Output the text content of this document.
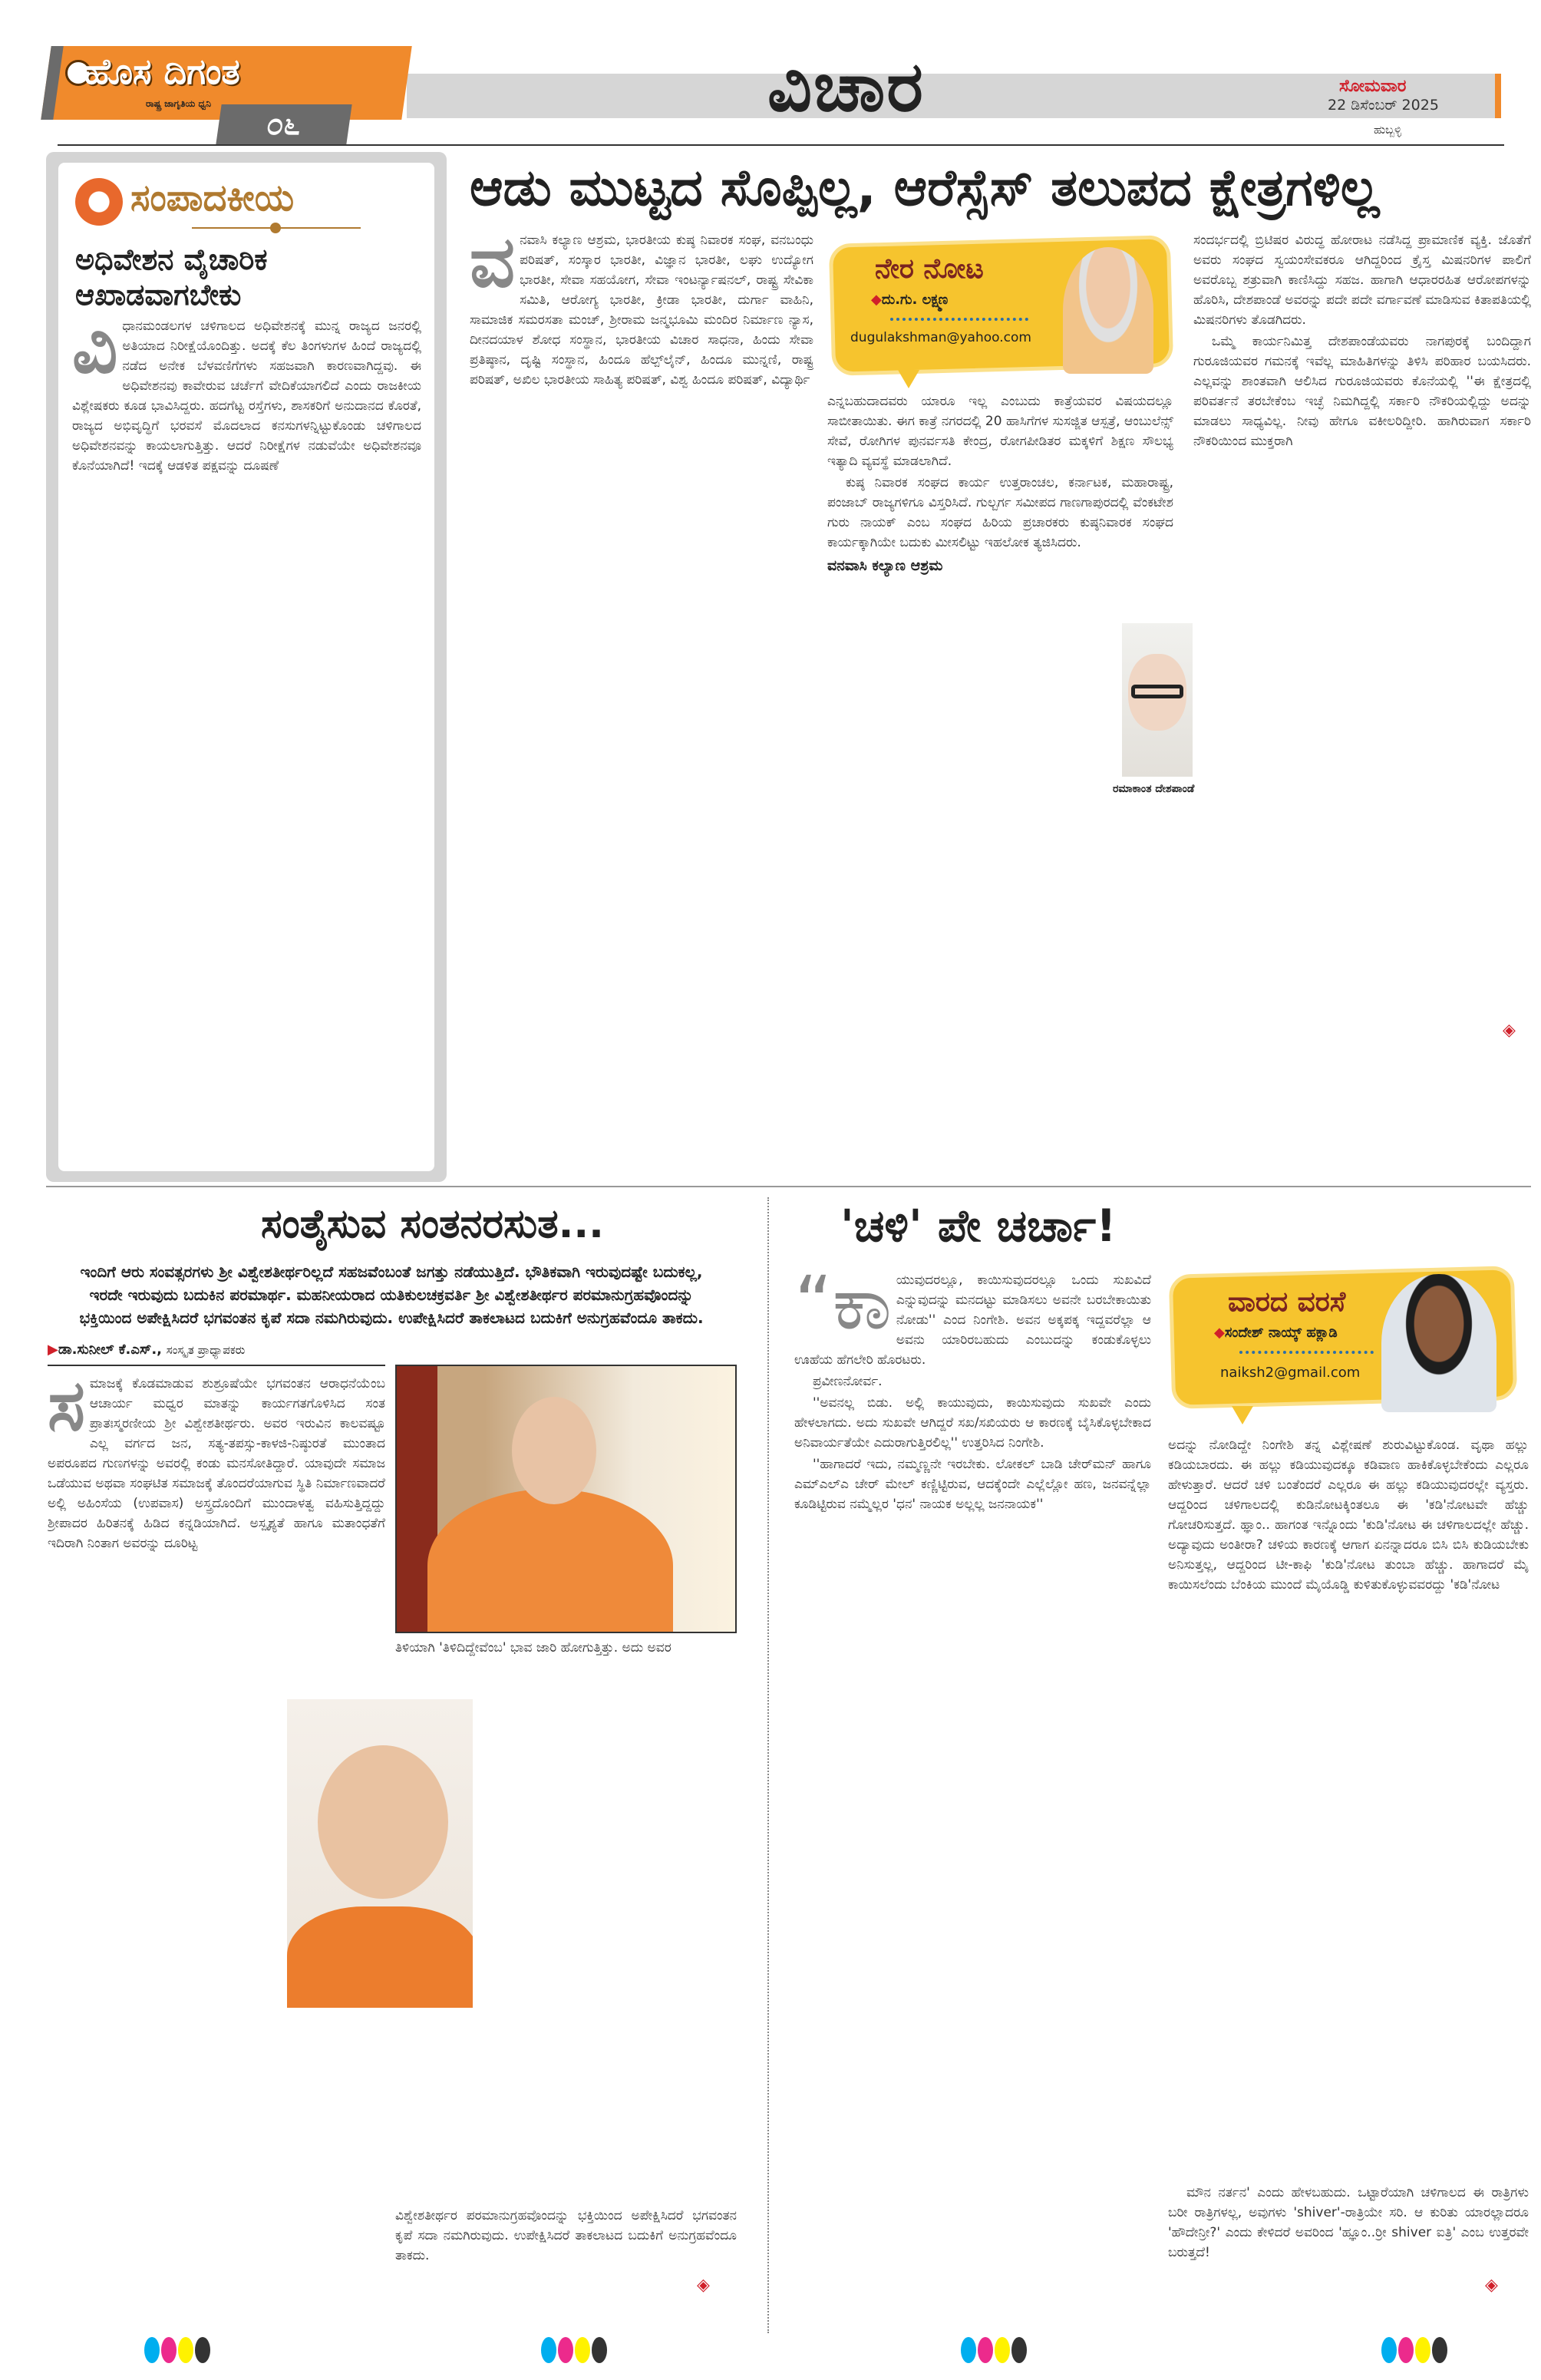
ಹೊಸ ದಿಗಂತ
ರಾಷ್ಟ್ರ ಜಾಗೃತಿಯ ಧ್ವನಿ
೦೬	ವಿಚಾರ	ಸೋಮವಾರ
22 ಡಿಸೆಂಬರ್ 2025
ಹುಬ್ಬಳ್ಳಿ
ಸಂಪಾದಕೀಯ
ಅಧಿವೇಶನ ವೈಚಾರಿಕ ಆಖಾಡವಾಗಬೇಕು
ವಿ ಧಾನಮಂಡಲಗಳ ಚಳಿಗಾಲದ ಅಧಿವೇಶನಕ್ಕೆ ಮುನ್ನ ರಾಜ್ಯದ ಜನರಲ್ಲಿ ಅತಿಯಾದ ನಿರೀಕ್ಷೆಯೊಂದಿತ್ತು. ಅದಕ್ಕೆ ಕೆಲ ತಿಂಗಳುಗಳ ಹಿಂದೆ ರಾಜ್ಯದಲ್ಲಿ ನಡೆದ ಅನೇಕ ಬೆಳವಣಿಗೆಗಳು ಸಹಜವಾಗಿ ಕಾರಣವಾಗಿದ್ದವು. ಈ ಅಧಿವೇಶನವು ಕಾವೇರುವ ಚರ್ಚೆಗೆ ವೇದಿಕೆಯಾಗಲಿದೆ ಎಂದು ರಾಜಕೀಯ ವಿಶ್ಲೇಷಕರು ಕೂಡ ಭಾವಿಸಿದ್ದರು. ಹದಗೆಟ್ಟ ರಸ್ತೆಗಳು, ಶಾಸಕರಿಗೆ ಅನುದಾನದ ಕೊರತೆ, ರಾಜ್ಯದ ಅಭಿವೃದ್ಧಿಗೆ ಭರವಸೆ ಮೊದಲಾದ ಕನಸುಗಳನ್ನಿಟ್ಟುಕೊಂಡು ಚಳಿಗಾಲದ ಅಧಿವೇಶನವನ್ನು ಕಾಯಲಾಗುತ್ತಿತ್ತು. ಆದರೆ ನಿರೀಕ್ಷೆಗಳ ನಡುವೆಯೇ ಅಧಿವೇಶನವೂ ಕೊನೆಯಾಗಿದೆ! ಇದಕ್ಕೆ ಆಡಳಿತ ಪಕ್ಷವನ್ನು ದೂಷಣೆ

ಆಡು ಮುಟ್ಟದ ಸೊಪ್ಪಿಲ್ಲ, ಆರೆಸ್ಸೆಸ್ ತಲುಪದ ಕ್ಷೇತ್ರಗಳಿಲ್ಲ
ವ ನವಾಸಿ ಕಲ್ಯಾಣ ಆಶ್ರಮ, ಭಾರತೀಯ ಕುಷ್ಠ ನಿವಾರಕ ಸಂಘ, ವನಬಂಧು ಪರಿಷತ್, ಸಂಸ್ಕಾರ ಭಾರತೀ, ವಿಜ್ಞಾನ ಭಾರತೀ, ಲಘು ಉದ್ಯೋಗ ಭಾರತೀ, ಸೇವಾ ಸಹಯೋಗ, ಸೇವಾ ಇಂಟರ್ನ್ಯಾಷನಲ್, ರಾಷ್ಟ್ರ ಸೇವಿಕಾ ಸಮಿತಿ, ಆರೋಗ್ಯ ಭಾರತೀ, ಕ್ರೀಡಾ ಭಾರತೀ, ದುರ್ಗಾ ವಾಹಿನಿ, ಸಾಮಾಜಿಕ ಸಮರಸತಾ ಮಂಚ್, ಶ್ರೀರಾಮ ಜನ್ಮಭೂಮಿ ಮಂದಿರ ನಿರ್ಮಾಣ ನ್ಯಾಸ, ದೀನದಯಾಳ ಶೋಧ ಸಂಸ್ಥಾನ, ಭಾರತೀಯ ವಿಚಾರ ಸಾಧನಾ, ಹಿಂದು ಸೇವಾ ಪ್ರತಿಷ್ಠಾನ, ದೃಷ್ಟಿ ಸಂಸ್ಥಾನ, ಹಿಂದೂ ಹೆಲ್ಪ್‌ಲೈನ್, ಹಿಂದೂ ಮುನ್ನಣಿ, ರಾಷ್ಟ್ರ ಪರಿಷತ್, ಅಖಿಲ ಭಾರತೀಯ ಸಾಹಿತ್ಯ ಪರಿಷತ್, ವಿಶ್ವ ಹಿಂದೂ ಪರಿಷತ್, ವಿದ್ಯಾರ್ಥಿ

ನೇರ ನೋಟ
◆ದು.ಗು. ಲಕ್ಷ್ಮಣ
dugulakshman@yahoo.com

ಎನ್ನಬಹುದಾದವರು ಯಾರೂ ಇಲ್ಲ ಎಂಬುದು ಕಾತ್ರೆಯವರ ವಿಷಯದಲ್ಲೂ ಸಾಬೀತಾಯಿತು. ಈಗ ಕಾತ್ರೆ ನಗರದಲ್ಲಿ 20 ಹಾಸಿಗೆಗಳ ಸುಸಜ್ಜಿತ ಆಸ್ಪತ್ರೆ, ಆಂಬುಲೆನ್ಸ್ ಸೇವೆ, ರೋಗಿಗಳ ಪುನರ್ವಸತಿ ಕೇಂದ್ರ, ರೋಗಪೀಡಿತರ ಮಕ್ಕಳಿಗೆ ಶಿಕ್ಷಣ ಸೌಲಭ್ಯ ಇತ್ಯಾದಿ ವ್ಯವಸ್ಥೆ ಮಾಡಲಾಗಿದೆ.

ಕುಷ್ಠ ನಿವಾರಕ ಸಂಘದ ಕಾರ್ಯ ಉತ್ತರಾಂಚಲ, ಕರ್ನಾಟಕ, ಮಹಾರಾಷ್ಟ್ರ, ಪಂಜಾಬ್ ರಾಜ್ಯಗಳಿಗೂ ವಿಸ್ತರಿಸಿದೆ. ಗುಲ್ಬರ್ಗ ಸಮೀಪದ ಗಾಣಗಾಪುರದಲ್ಲಿ ವೆಂಕಟೇಶ ಗುರು ನಾಯಕ್ ಎಂಬ ಸಂಘದ ಹಿರಿಯ ಪ್ರಚಾರಕರು ಕುಷ್ಠನಿವಾರಕ ಸಂಘದ ಕಾರ್ಯಕ್ಕಾಗಿಯೇ ಬದುಕು ಮೀಸಲಿಟ್ಟು ಇಹಲೋಕ ತ್ಯಜಿಸಿದರು.

ವನವಾಸಿ ಕಲ್ಯಾಣ ಆಶ್ರಮ
ರಮಾಕಾಂತ ದೇಶಪಾಂಡೆ

ಸಂದರ್ಭದಲ್ಲಿ ಬ್ರಿಟಿಷರ ವಿರುದ್ಧ ಹೋರಾಟ ನಡೆಸಿದ್ದ ಪ್ರಾಮಾಣಿಕ ವ್ಯಕ್ತಿ. ಜೊತೆಗೆ ಅವರು ಸಂಘದ ಸ್ವಯಂಸೇವಕರೂ ಆಗಿದ್ದರಿಂದ ಕ್ರೈಸ್ತ ಮಿಷನರಿಗಳ ಪಾಲಿಗೆ ಅವರೊಬ್ಬ ಶತ್ರುವಾಗಿ ಕಾಣಿಸಿದ್ದು ಸಹಜ. ಹಾಗಾಗಿ ಆಧಾರರಹಿತ ಆರೋಪಗಳನ್ನು ಹೊರಿಸಿ, ದೇಶಪಾಂಡೆ ಅವರನ್ನು ಪದೇ ಪದೇ ವರ್ಗಾವಣೆ ಮಾಡಿಸುವ ಕಿತಾಪತಿಯಲ್ಲಿ ಮಿಷನರಿಗಳು ತೊಡಗಿದರು.

ಒಮ್ಮೆ ಕಾರ್ಯನಿಮಿತ್ತ ದೇಶಪಾಂಡೆಯವರು ನಾಗಪುರಕ್ಕೆ ಬಂದಿದ್ದಾಗ ಗುರೂಜಿಯವರ ಗಮನಕ್ಕೆ ಇವೆಲ್ಲ ಮಾಹಿತಿಗಳನ್ನು ತಿಳಿಸಿ ಪರಿಹಾರ ಬಯಸಿದರು. ಎಲ್ಲವನ್ನು ಶಾಂತವಾಗಿ ಆಲಿಸಿದ ಗುರೂಜಿಯವರು ಕೊನೆಯಲ್ಲಿ ''ಈ ಕ್ಷೇತ್ರದಲ್ಲಿ ಪರಿವರ್ತನೆ ತರಬೇಕೆಂಬ ಇಚ್ಛೆ ನಿಮಗಿದ್ದಲ್ಲಿ ಸರ್ಕಾರಿ ನೌಕರಿಯಲ್ಲಿದ್ದು ಅದನ್ನು ಮಾಡಲು ಸಾಧ್ಯವಿಲ್ಲ. ನೀವು ಹೇಗೂ ವಕೀಲರಿದ್ದೀರಿ. ಹಾಗಿರುವಾಗ ಸರ್ಕಾರಿ ನೌಕರಿಯಿಂದ ಮುಕ್ತರಾಗಿ

◈
ಸಂತೈಸುವ ಸಂತನರಸುತ...
ಇಂದಿಗೆ ಆರು ಸಂವತ್ಸರಗಳು ಶ್ರೀ ವಿಶ್ವೇಶತೀರ್ಥರಿಲ್ಲದೆ ಸಹಜವೆಂಬಂತೆ ಜಗತ್ತು ನಡೆಯುತ್ತಿದೆ. ಭೌತಿಕವಾಗಿ ಇರುವುದಷ್ಟೇ ಬದುಕಲ್ಲ, ಇರದೇ ಇರುವುದು ಬದುಕಿನ ಪರಮಾರ್ಥ. ಮಹನೀಯರಾದ ಯತಿಕುಲಚಕ್ರವರ್ತಿ ಶ್ರೀ ವಿಶ್ವೇಶತೀರ್ಥರ ಪರಮಾನುಗ್ರಹವೊಂದನ್ನು ಭಕ್ತಿಯಿಂದ ಅಪೇಕ್ಷಿಸಿದರೆ ಭಗವಂತನ ಕೃಪೆ ಸದಾ ನಮಗಿರುವುದು. ಉಪೇಕ್ಷಿಸಿದರೆ ತಾಕಲಾಟದ ಬದುಕಿಗೆ ಅನುಗ್ರಹವೆಂದೂ ತಾಕದು.
▶ಡಾ.ಸುನೀಲ್ ಕೆ.ಎಸ್., ಸಂಸ್ಕೃತ ಪ್ರಾಧ್ಯಾಪಕರು
ಸ ಮಾಜಕ್ಕೆ ಕೊಡಮಾಡುವ ಶುಶ್ರೂಷೆಯೇ ಭಗವಂತನ ಆರಾಧನೆಯೆಂಬ ಆಚಾರ್ಯ ಮಧ್ವರ ಮಾತನ್ನು ಕಾರ್ಯಗತಗೊಳಿಸಿದ ಸಂತ ಪ್ರಾತಃಸ್ಮರಣೀಯ ಶ್ರೀ ವಿಶ್ವೇಶತೀರ್ಥರು. ಅವರ ಇರುವಿನ ಕಾಲವಷ್ಟೂ ಎಲ್ಲ ವರ್ಗದ ಜನ, ಸತ್ಯ-ತಪಸ್ಸು-ಕಾಳಜಿ-ನಿಷ್ಠುರತೆ ಮುಂತಾದ ಅಪರೂಪದ ಗುಣಗಳನ್ನು ಅವರಲ್ಲಿ ಕಂಡು ಮನಸೋತಿದ್ದಾರೆ. ಯಾವುದೇ ಸಮಾಜ ಒಡೆಯುವ ಅಥವಾ ಸಂಘಟಿತ ಸಮಾಜಕ್ಕೆ ತೊಂದರೆಯಾಗುವ ಸ್ಥಿತಿ ನಿರ್ಮಾಣವಾದರೆ ಅಲ್ಲಿ ಅಹಿಂಸೆಯ (ಉಪವಾಸ) ಅಸ್ತ್ರದೊಂದಿಗೆ ಮುಂದಾಳತ್ವ ವಹಿಸುತ್ತಿದ್ದದ್ದು ಶ್ರೀಪಾದರ ಹಿರಿತನಕ್ಕೆ ಹಿಡಿದ ಕನ್ನಡಿಯಾಗಿದೆ. ಅಸ್ಪೃಶ್ಯತೆ ಹಾಗೂ ಮತಾಂಧತೆಗೆ ಇದಿರಾಗಿ ನಿಂತಾಗ ಅವರನ್ನು ದೂರಿಟ್ಟ

ತಿಳಿಯಾಗಿ 'ತಿಳಿದಿದ್ದೇವೆಂಬ' ಭಾವ ಜಾರಿ ಹೋಗುತ್ತಿತ್ತು. ಅದು ಅವರ

ವಿಶ್ವೇಶತೀರ್ಥರ ಪರಮಾನುಗ್ರಹವೊಂದನ್ನು ಭಕ್ತಿಯಿಂದ ಅಪೇಕ್ಷಿಸಿದರೆ ಭಗವಂತನ ಕೃಪೆ ಸದಾ ನಮಗಿರುವುದು. ಉಪೇಕ್ಷಿಸಿದರೆ ತಾಕಲಾಟದ ಬದುಕಿಗೆ ಅನುಗ್ರಹವೆಂದೂ ತಾಕದು.

◈
'ಚಳಿ' ಪೇ ಚರ್ಚಾ!
“ಕಾ ಯುವುದರಲ್ಲೂ, ಕಾಯಿಸುವುದರಲ್ಲೂ ಒಂದು ಸುಖವಿದೆ ಎನ್ನುವುದನ್ನು ಮನದಟ್ಟು ಮಾಡಿಸಲು ಅವನೇ ಬರಬೇಕಾಯಿತು ನೋಡು'' ಎಂದ ನಿಂಗೇಶಿ. ಅವನ ಅಕ್ಕಪಕ್ಕ ಇದ್ದವರೆಲ್ಲಾ ಆ ಅವನು ಯಾರಿರಬಹುದು ಎಂಬುದನ್ನು ಕಂಡುಕೊಳ್ಳಲು ಊಹೆಯ ಹೆಗಲೇರಿ ಹೊರಟರು.

ಪ್ರವೀಣನೋರ್ವ.

''ಅವನಲ್ಲ ಬಿಡು. ಅಲ್ಲಿ ಕಾಯುವುದು, ಕಾಯಿಸುವುದು ಸುಖವೇ ಎಂದು ಹೇಳಲಾಗದು. ಅದು ಸುಖವೇ ಆಗಿದ್ದರೆ ಸಖ/ಸಖಿಯರು ಆ ಕಾರಣಕ್ಕೆ ಬೈಸಿಕೊಳ್ಳಬೇಕಾದ ಅನಿವಾರ್ಯತೆಯೇ ಎದುರಾಗುತ್ತಿರಲಿಲ್ಲ'' ಉತ್ತರಿಸಿದ ನಿಂಗೇಶಿ.

''ಹಾಗಾದರೆ ಇದು, ನಮ್ಮಣ್ಣನೇ ಇರಬೇಕು. ಲೋಕಲ್ ಬಾಡಿ ಚೇರ್‌ಮನ್ ಹಾಗೂ ಎಮ್‌ಎಲ್‌ಎ ಚೇರ್ ಮೇಲ್ ಕಣ್ಣಿಟ್ಟಿರುವ, ಆದಕ್ಕೆಂದೇ ಎಲ್ಲೆಲ್ಲೋ ಹಣ, ಜನವನ್ನೆಲ್ಲಾ ಕೂಡಿಟ್ಟಿರುವ ನಮ್ಮೆಲ್ಲರ 'ಧನ' ನಾಯಕ ಅಲ್ಲಲ್ಲ ಜನನಾಯಕ''

ವಾರದ ವರಸೆ
◆ಸಂದೇಶ್ ನಾಯ್ಕ್ ಹಕ್ಲಾಡಿ
naiksh2@gmail.com

ಅದನ್ನು ನೋಡಿದ್ದೇ ನಿಂಗೇಶಿ ತನ್ನ ವಿಶ್ಲೇಷಣೆ ಶುರುವಿಟ್ಟುಕೊಂಡ. ವೃಥಾ ಹಲ್ಲು ಕಡಿಯಬಾರದು. ಈ ಹಲ್ಲು ಕಡಿಯುವುದಕ್ಕೂ ಕಡಿವಾಣ ಹಾಕಿಕೊಳ್ಳಬೇಕೆಂದು ಎಲ್ಲರೂ ಹೇಳುತ್ತಾರೆ. ಆದರೆ ಚಳಿ ಬಂತೆಂದರೆ ಎಲ್ಲರೂ ಈ ಹಲ್ಲು ಕಡಿಯುವುದರಲ್ಲೇ ವ್ಯಸ್ತರು. ಆದ್ದರಿಂದ ಚಳಿಗಾಲದಲ್ಲಿ ಕುಡಿನೋಟಕ್ಕಿಂತಲೂ ಈ 'ಕಡಿ'ನೋಟವೇ ಹೆಚ್ಚು ಗೋಚರಿಸುತ್ತದೆ. ಹ್ಞಾಂ.. ಹಾಗಂತ ಇನ್ನೊಂದು 'ಕುಡಿ'ನೋಟ ಈ ಚಳಿಗಾಲದಲ್ಲೇ ಹೆಚ್ಚು. ಅದ್ಯಾವುದು ಅಂತೀರಾ? ಚಳಿಯ ಕಾರಣಕ್ಕೆ ಆಗಾಗ ಏನನ್ನಾದರೂ ಬಿಸಿ ಬಿಸಿ ಕುಡಿಯಬೇಕು ಅನಿಸುತ್ತಲ್ಲ, ಆದ್ದರಿಂದ ಟೀ-ಕಾಫಿ 'ಕುಡಿ'ನೋಟ ತುಂಬಾ ಹೆಚ್ಚು. ಹಾಗಾದರೆ ಮೈ ಕಾಯಿಸಲೆಂದು ಬೆಂಕಿಯ ಮುಂದೆ ಮೈಯೊಡ್ಡಿ ಕುಳಿತುಕೊಳ್ಳುವವರದ್ದು 'ಕಡಿ'ನೋಟ

ಮೌನ ನರ್ತನ' ಎಂದು ಹೇಳಬಹುದು. ಒಟ್ಟಾರೆಯಾಗಿ ಚಳಿಗಾಲದ ಈ ರಾತ್ರಿಗಳು ಬರೀ ರಾತ್ರಿಗಳಲ್ಲ, ಅವುಗಳು 'shiver'-ರಾತ್ರಿಯೇ ಸರಿ. ಆ ಕುರಿತು ಯಾರಲ್ಲಾದರೂ 'ಹೌದೇನ್ರೀ?' ಎಂದು ಕೇಳಿದರೆ ಅವರಿಂದ 'ಹ್ಞೂಂ..ರ್‍ರೀ shiver ಐತ್ರಿ' ಎಂಬ ಉತ್ತರವೇ ಬರುತ್ತದೆ!

◈
